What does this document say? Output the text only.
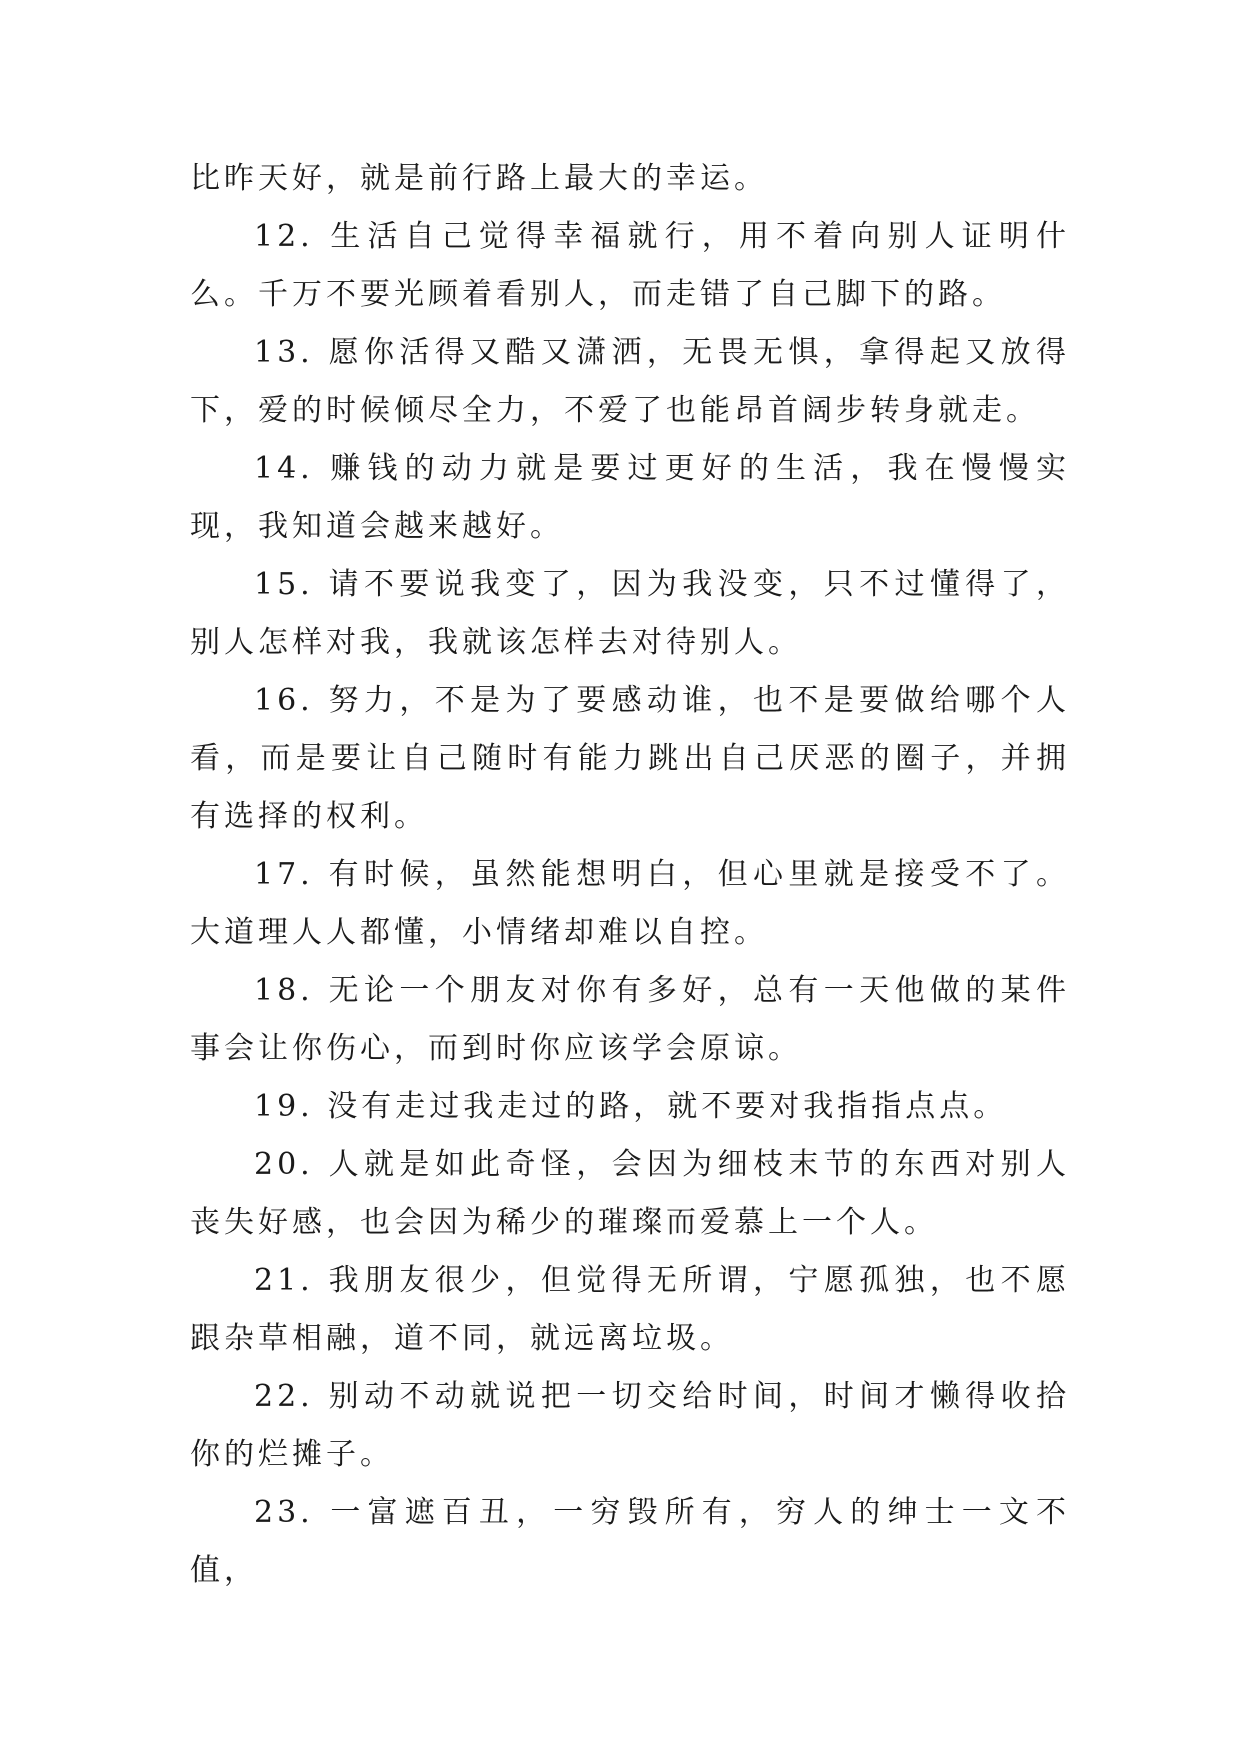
比昨天好，就是前行路上最大的幸运。

12. 生活自己觉得幸福就行，用不着向别人证明什么。千万不要光顾着看别人，而走错了自己脚下的路。

13. 愿你活得又酷又潇洒，无畏无惧，拿得起又放得下，爱的时候倾尽全力，不爱了也能昂首阔步转身就走。

14. 赚钱的动力就是要过更好的生活，我在慢慢实现，我知道会越来越好。

15. 请不要说我变了，因为我没变，只不过懂得了，别人怎样对我，我就该怎样去对待别人。

16. 努力，不是为了要感动谁，也不是要做给哪个人看，而是要让自己随时有能力跳出自己厌恶的圈子，并拥有选择的权利。

17. 有时候，虽然能想明白，但心里就是接受不了。大道理人人都懂，小情绪却难以自控。

18. 无论一个朋友对你有多好，总有一天他做的某件事会让你伤心，而到时你应该学会原谅。

19. 没有走过我走过的路，就不要对我指指点点。

20. 人就是如此奇怪，会因为细枝末节的东西对别人丧失好感，也会因为稀少的璀璨而爱慕上一个人。

21. 我朋友很少，但觉得无所谓，宁愿孤独，也不愿跟杂草相融，道不同，就远离垃圾。

22. 别动不动就说把一切交给时间，时间才懒得收拾你的烂摊子。

23. 一富遮百丑，一穷毁所有，穷人的绅士一文不值，
